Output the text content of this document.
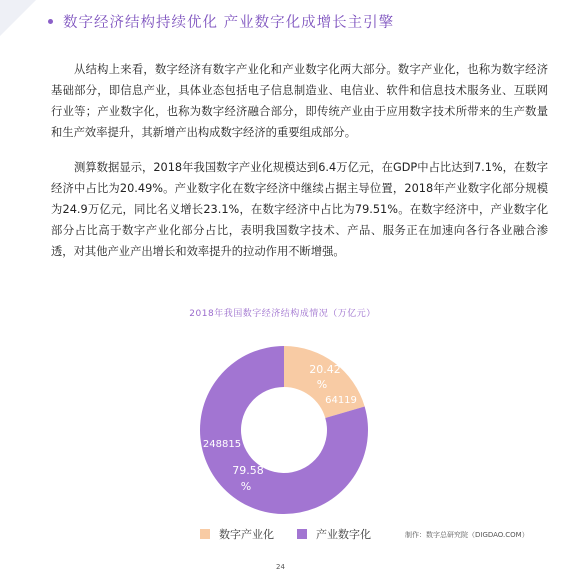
数字经济结构持续优化 产业数字化成增长主引擎

从结构上来看，数字经济有数字产业化和产业数字化两大部分。数字产业化，也称为数字经济基础部分，即信息产业，具体业态包括电子信息制造业、电信业、软件和信息技术服务业、互联网行业等；产业数字化，也称为数字经济融合部分，即传统产业由于应用数字技术所带来的生产数量和生产效率提升，其新增产出构成数字经济的重要组成部分。

测算数据显示，2018年我国数字产业化规模达到6.4万亿元，在GDP中占比达到7.1%，在数字经济中占比为20.49%。产业数字化在数字经济中继续占据主导位置，2018年产业数字化部分规模为24.9万亿元，同比名义增长23.1%，在数字经济中占比为79.51%。在数字经济中，产业数字化部分占比高于数字产业化部分占比，表明我国数字技术、产品、服务正在加速向各行各业融合渗透，对其他产业产出增长和效率提升的拉动作用不断增强。

2018年我国数字经济结构成情况（万亿元）
20.42
%
64119
248815
79.58
%
数字产业化	产业数字化	制作：数字总研究院（DIGDAO.COM）
24
